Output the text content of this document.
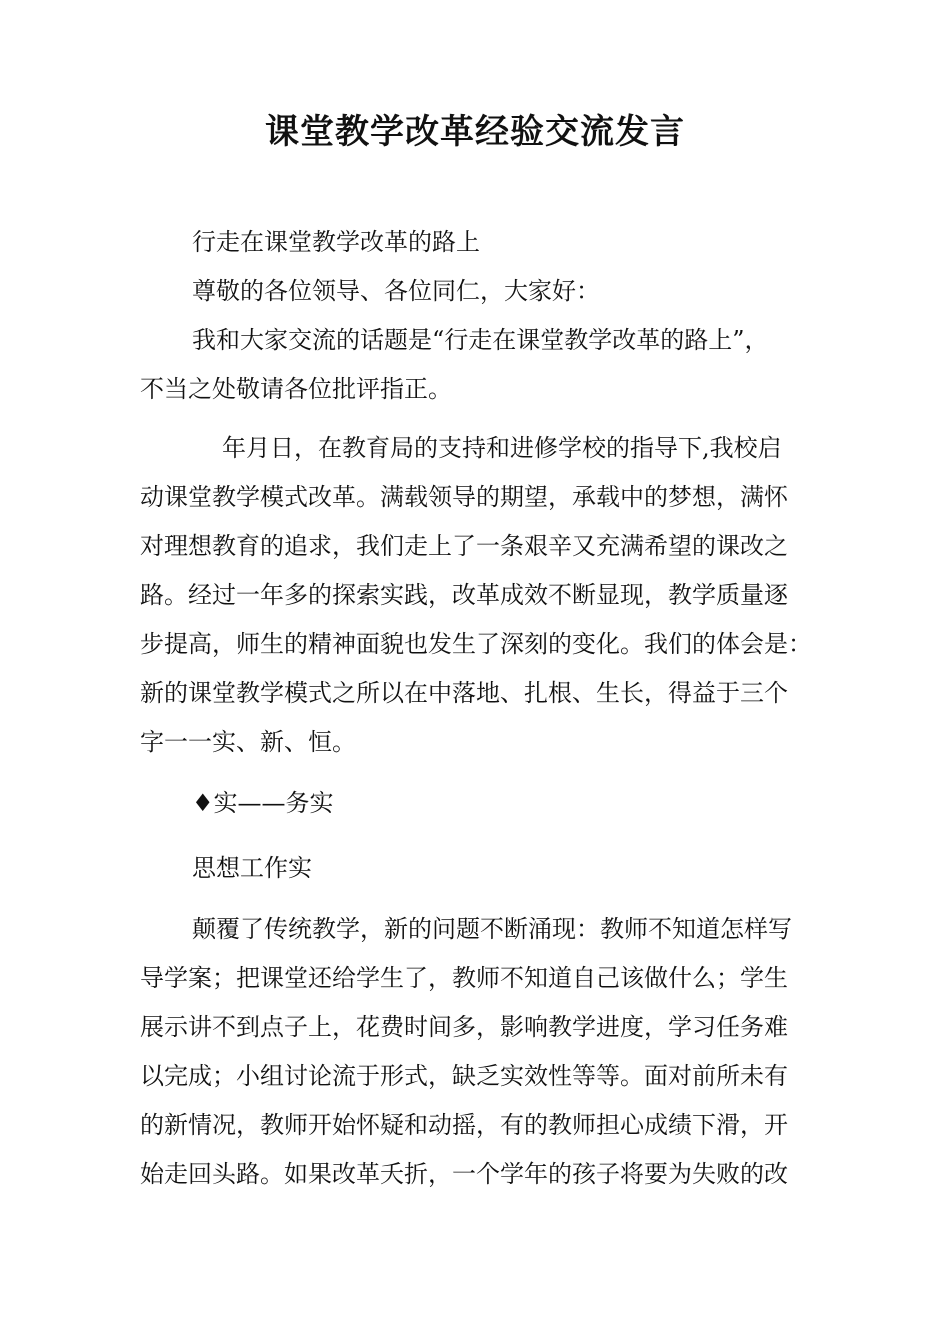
课堂教学改革经验交流发言
行走在课堂教学改革的路上
尊敬的各位领导、各位同仁，大家好：
我和大家交流的话题是“行走在课堂教学改革的路上”，
不当之处敬请各位批评指正。
年月日，在教育局的支持和进修学校的指导下,我校启
动课堂教学模式改革。满载领导的期望，承载中的梦想，满怀
对理想教育的追求，我们走上了一条艰辛又充满希望的课改之
路。经过一年多的探索实践，改革成效不断显现，教学质量逐
步提高，师生的精神面貌也发生了深刻的变化。我们的体会是：
新的课堂教学模式之所以在中落地、扎根、生长，得益于三个
字一一实、新、恒。
♦实——务实
思想工作实
颠覆了传统教学，新的问题不断涌现：教师不知道怎样写
导学案；把课堂还给学生了，教师不知道自己该做什么；学生
展示讲不到点子上，花费时间多，影响教学进度，学习任务难
以完成；小组讨论流于形式，缺乏实效性等等。面对前所未有
的新情况，教师开始怀疑和动摇，有的教师担心成绩下滑，开
始走回头路。如果改革夭折，一个学年的孩子将要为失败的改
